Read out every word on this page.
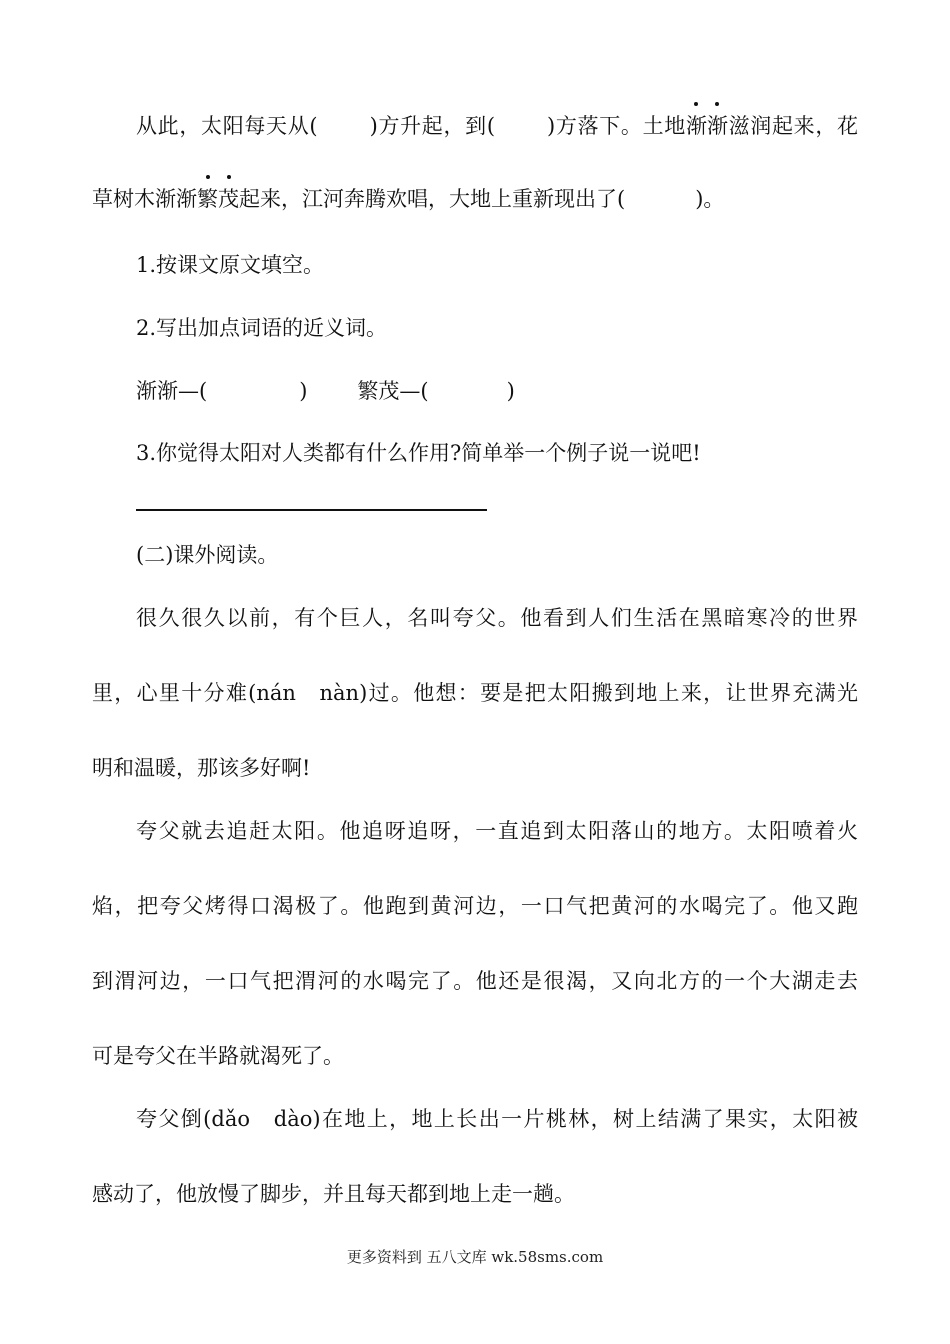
从此，太阳每天从( )方升起，到( )方落下。土地渐渐滋润起来，花
草树木渐渐繁茂起来，江河奔腾欢唱，大地上重新现出了(	)。
1.按课文原文填空。
2.写出加点词语的近义词。
渐渐—(	) 繁茂—(	)
3.你觉得太阳对人类都有什么作用?简单举一个例子说一说吧!
(二)课外阅读。
很久很久以前，有个巨人，名叫夸父。他看到人们生活在黑暗寒冷的世界
里，心里十分难(nán　nàn)过。他想：要是把太阳搬到地上来，让世界充满光
明和温暖，那该多好啊!
夸父就去追赶太阳。他追呀追呀，一直追到太阳落山的地方。太阳喷着火
焰，把夸父烤得口渴极了。他跑到黄河边，一口气把黄河的水喝完了。他又跑
到渭河边，一口气把渭河的水喝完了。他还是很渴，又向北方的一个大湖走去
可是夸父在半路就渴死了。
夸父倒(dǎo　dào)在地上，地上长出一片桃林，树上结满了果实，太阳被
感动了，他放慢了脚步，并且每天都到地上走一趟。
更多资料到 五八文库 wk.58sms.com
